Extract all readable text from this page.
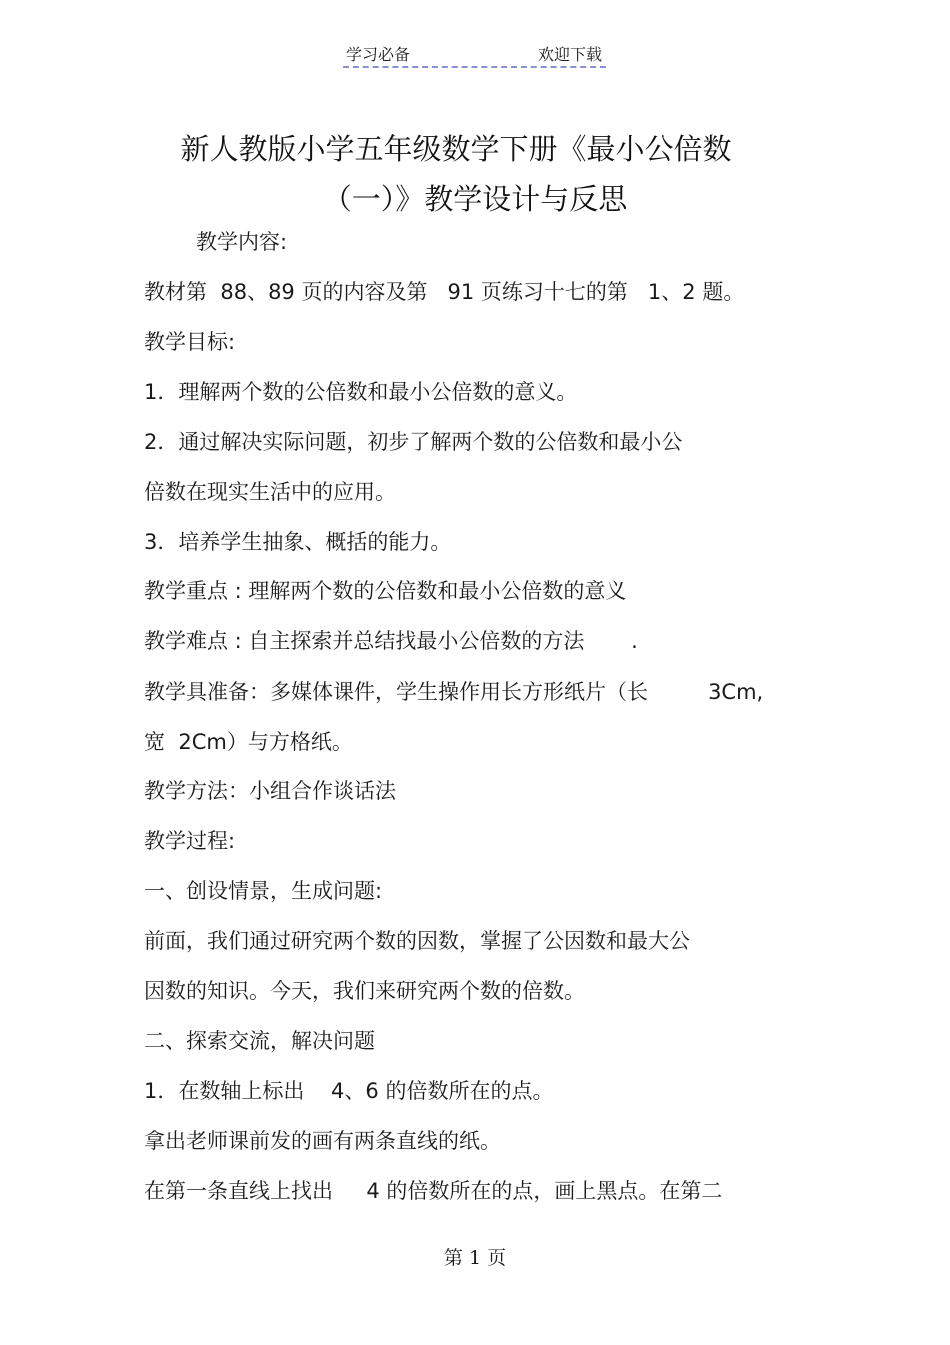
学习必备	欢迎下载
新人教版小学五年级数学下册《最小公倍数
（一）》教学设计与反思
教学内容:
教材第  88、89 页的内容及第   91 页练习十七的第   1、2 题。
教学目标:
1．理解两个数的公倍数和最小公倍数的意义。
2．通过解决实际问题，初步了解两个数的公倍数和最小公
倍数在现实生活中的应用。
3．培养学生抽象、概括的能力。
教学重点 : 理解两个数的公倍数和最小公倍数的意义
教学难点 : 自主探索并总结找最小公倍数的方法       .
教学具准备：多媒体课件，学生操作用长方形纸片（长         3Cm,
宽  2Cm）与方格纸。
教学方法：小组合作谈话法
教学过程:
一、创设情景，生成问题:
前面，我们通过研究两个数的因数，掌握了公因数和最大公
因数的知识。今天，我们来研究两个数的倍数。
二、探索交流，解决问题
1．在数轴上标出    4、6 的倍数所在的点。
拿出老师课前发的画有两条直线的纸。
在第一条直线上找出     4 的倍数所在的点，画上黑点。在第二
第 1 页
